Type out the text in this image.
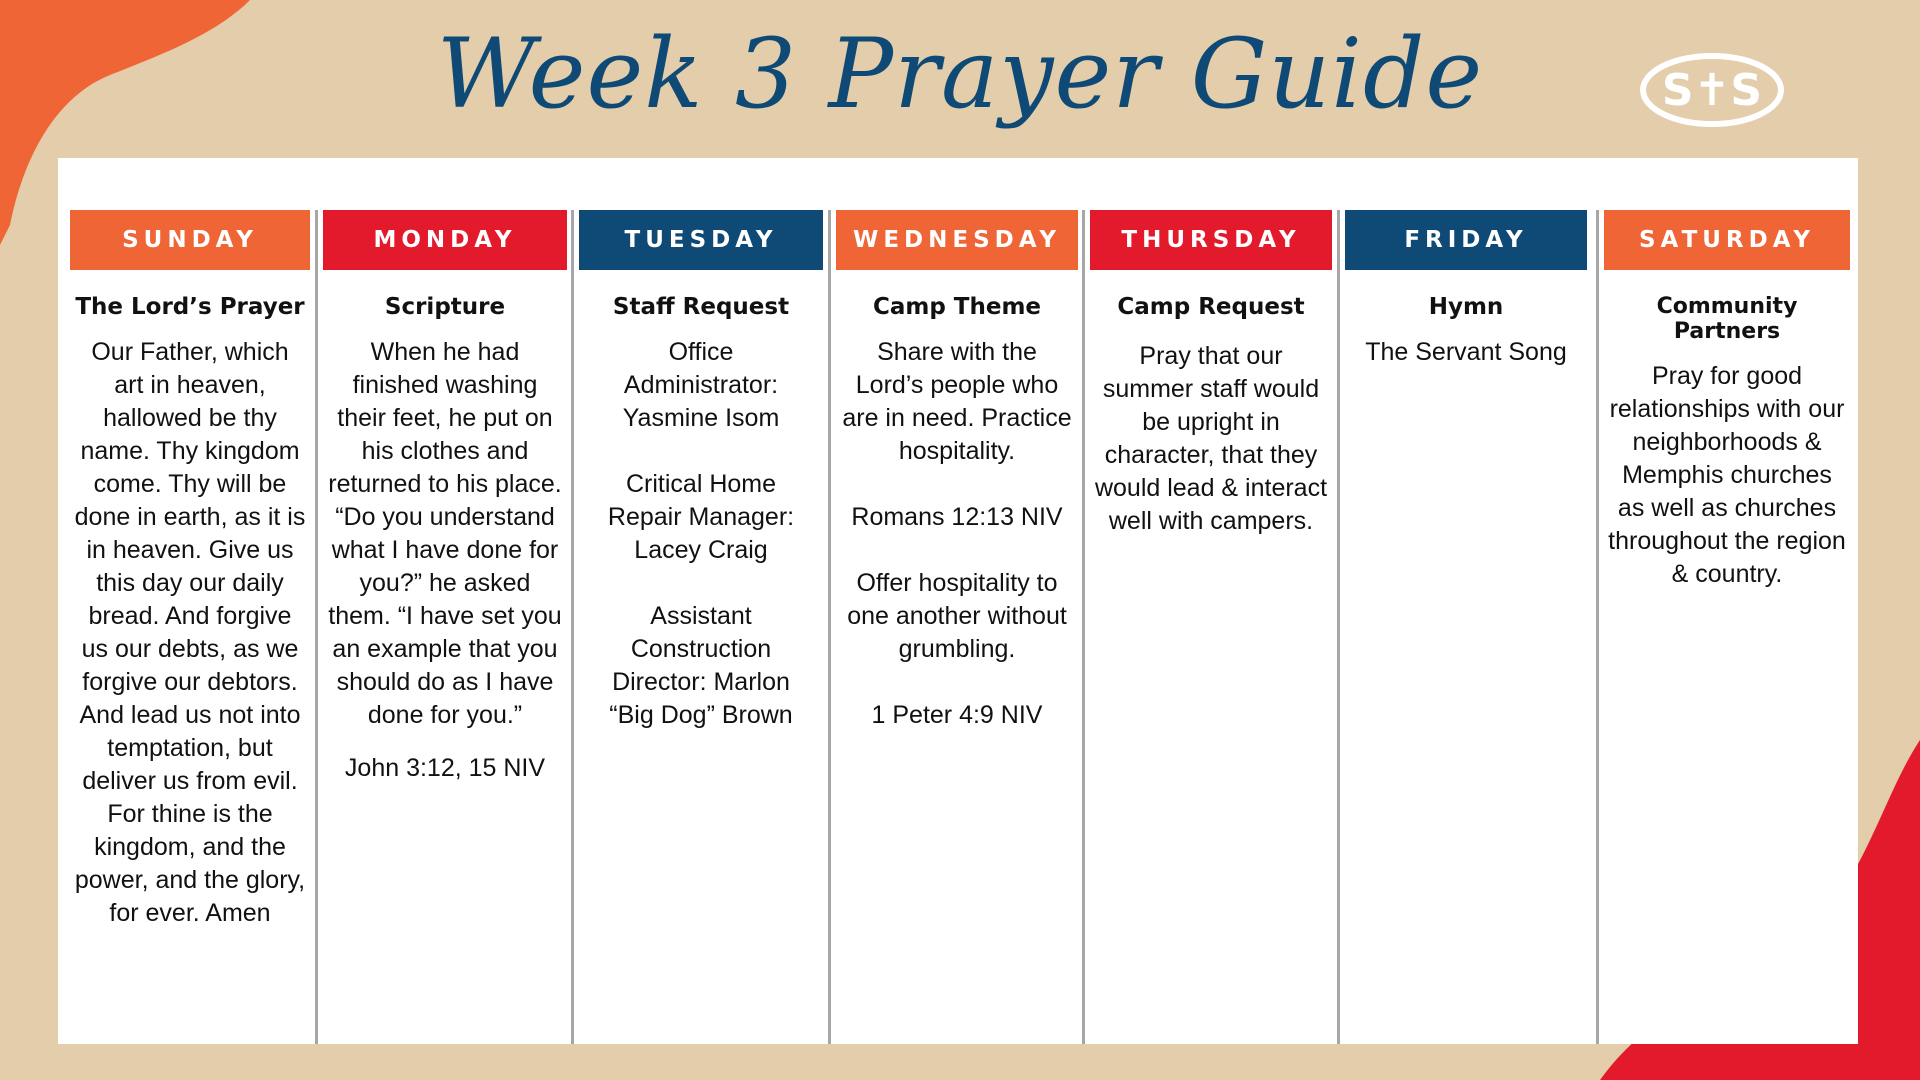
Week 3 Prayer Guide	S✝S
SUNDAY
The Lord’s Prayer

Our Father, which art in heaven, hallowed be thy name. Thy kingdom come. Thy will be done in earth, as it is in heaven. Give us this day our daily bread. And forgive us our debts, as we forgive our debtors. And lead us not into temptation, but deliver us from evil. For thine is the kingdom, and the power, and the glory, for ever. Amen

MONDAY
Scripture

When he had finished washing their feet, he put on his clothes and returned to his place. “Do you understand what I have done for you?” he asked them. “I have set you an example that you should do as I have done for you.”

John 3:12, 15 NIV

TUESDAY
Staff Request

Office Administrator: Yasmine Isom

Critical Home Repair Manager: Lacey Craig

Assistant Construction Director: Marlon “Big Dog” Brown

WEDNESDAY
Camp Theme

Share with the Lord’s people who are in need. Practice hospitality.

Romans 12:13 NIV

Offer hospitality to one another without grumbling.

1 Peter 4:9 NIV

THURSDAY
Camp Request

Pray that our summer staff would be upright in character, that they would lead & interact well with campers.

FRIDAY
Hymn

The Servant Song

SATURDAY
Community Partners

Pray for good relationships with our neighborhoods & Memphis churches as well as churches throughout the region & country.
